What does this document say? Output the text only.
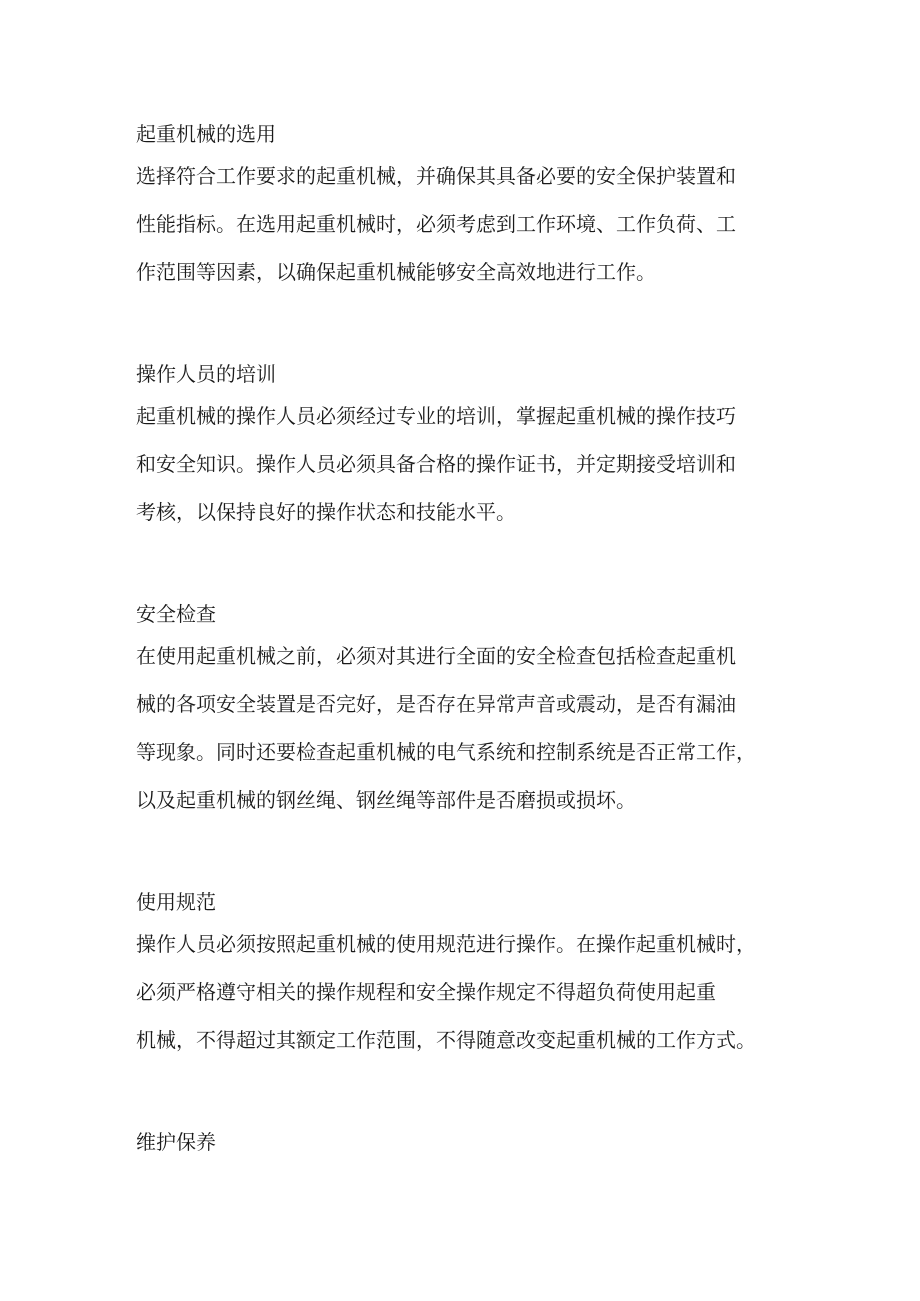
起重机械的选用
选择符合工作要求的起重机械，并确保其具备必要的安全保护装置和
性能指标。在选用起重机械时，必须考虑到工作环境、工作负荷、工
作范围等因素，以确保起重机械能够安全高效地进行工作。
操作人员的培训
起重机械的操作人员必须经过专业的培训，掌握起重机械的操作技巧
和安全知识。操作人员必须具备合格的操作证书，并定期接受培训和
考核，以保持良好的操作状态和技能水平。
安全检查
在使用起重机械之前，必须对其进行全面的安全检查包括检查起重机
械的各项安全装置是否完好，是否存在异常声音或震动，是否有漏油
等现象。同时还要检查起重机械的电气系统和控制系统是否正常工作，
以及起重机械的钢丝绳、钢丝绳等部件是否磨损或损坏。
使用规范
操作人员必须按照起重机械的使用规范进行操作。在操作起重机械时，
必须严格遵守相关的操作规程和安全操作规定不得超负荷使用起重
机械，不得超过其额定工作范围，不得随意改变起重机械的工作方式。
维护保养
